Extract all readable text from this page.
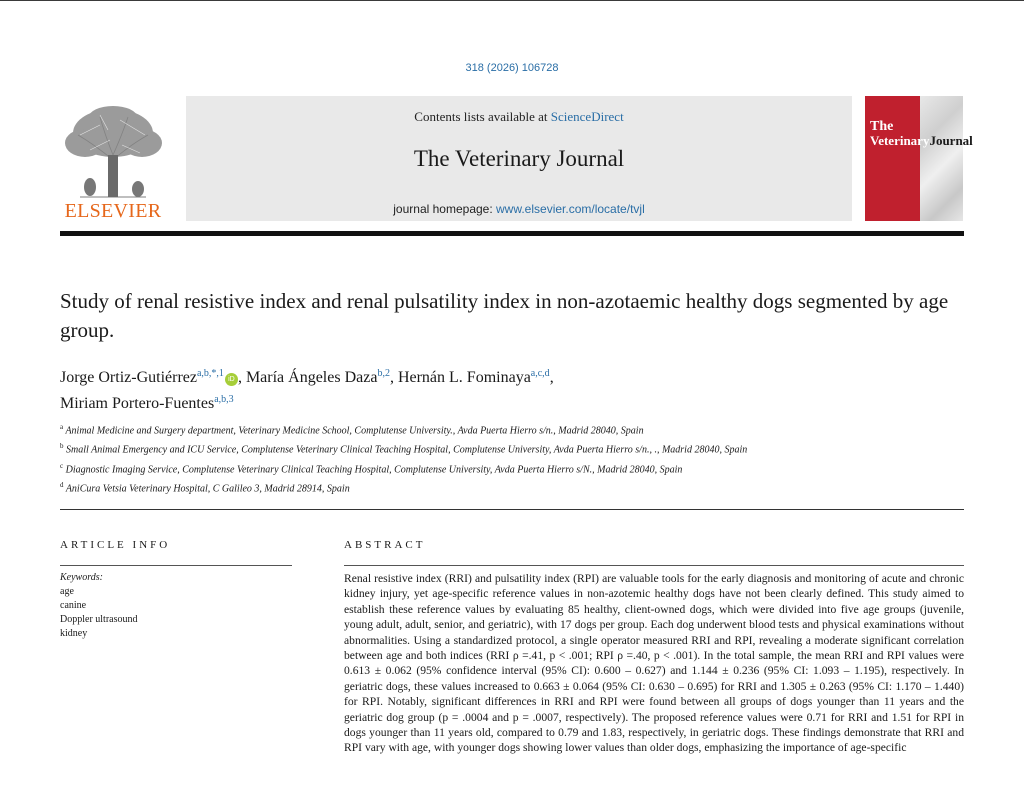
318 (2026) 106728
ELSEVIER
Contents lists available at ScienceDirect
The Veterinary Journal
journal homepage: www.elsevier.com/locate/tvjl
The
VeterinaryJournal
Study of renal resistive index and renal pulsatility index in non-azotaemic healthy dogs segmented by age group.
Jorge Ortiz-Gutiérrez$^{a,b,*,1}$iD , María Ángeles Daza$^{b,2}$, Hernán L. Fominaya$^{a,c,d}$,
Miriam Portero-Fuentes$^{a,b,3}$

$^a$ Animal Medicine and Surgery department, Veterinary Medicine School, Complutense University., Avda Puerta Hierro s/n., Madrid 28040, Spain

$^b$ Small Animal Emergency and ICU Service, Complutense Veterinary Clinical Teaching Hospital, Complutense University, Avda Puerta Hierro s/n., ., Madrid 28040, Spain

$^c$ Diagnostic Imaging Service, Complutense Veterinary Clinical Teaching Hospital, Complutense University, Avda Puerta Hierro s/N., Madrid 28040, Spain

$^d$ AniCura Vetsia Veterinary Hospital, C Galileo 3, Madrid 28914, Spain

ARTICLE INFO
Keywords:
age
canine
Doppler ultrasound
kidney
ABSTRACT
Renal resistive index (RRI) and pulsatility index (RPI) are valuable tools for the early diagnosis and monitoring of acute and chronic kidney injury, yet age-specific reference values in non-azotemic healthy dogs have not been clearly defined. This study aimed to establish these reference values by evaluating 85 healthy, client-owned dogs, which were divided into five age groups (juvenile, young adult, adult, senior, and geriatric), with 17 dogs per group. Each dog underwent blood tests and physical examinations without abnormalities. Using a standardized protocol, a single operator measured RRI and RPI, revealing a moderate significant correlation between age and both indices (RRI ρ =.41, p < .001; RPI ρ =.40, p < .001). In the total sample, the mean RRI and RPI values were 0.613 ± 0.062 (95% confidence interval (95% CI): 0.600 – 0.627) and 1.144 ± 0.236 (95% CI: 1.093 – 1.195), respectively. In geriatric dogs, these values increased to 0.663 ± 0.064 (95% CI: 0.630 – 0.695) for RRI and 1.305 ± 0.263 (95% CI: 1.170 – 1.440) for RPI. Notably, significant differences in RRI and RPI were found between all groups of dogs younger than 11 years and the geriatric dog group (p = .0004 and p = .0007, respectively). The proposed reference values were 0.71 for RRI and 1.51 for RPI in dogs younger than 11 years old, compared to 0.79 and 1.83, respectively, in geriatric dogs. These findings demonstrate that RRI and RPI vary with age, with younger dogs showing lower values than older dogs, emphasizing the importance of age-specific
